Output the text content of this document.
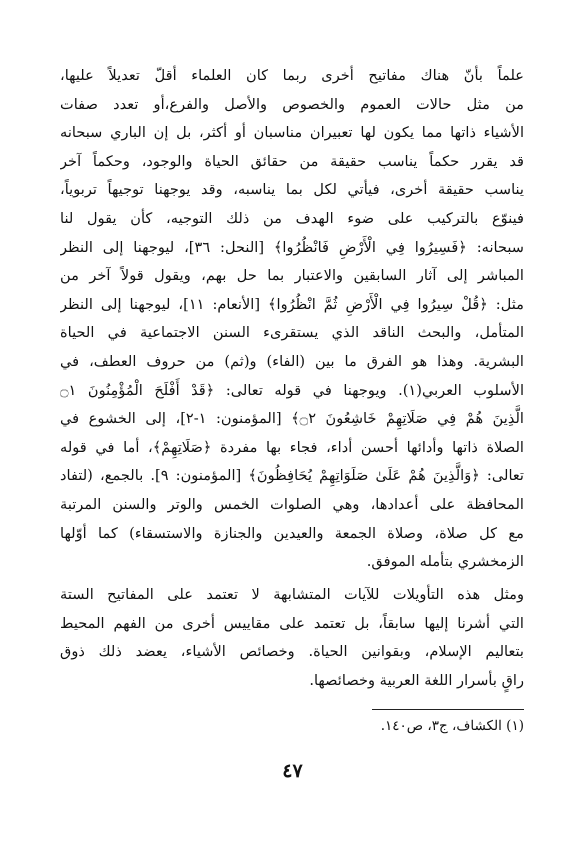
علماً بأنّ هناك مفاتيح أخرى ربما كان العلماء أقلّ تعديلاً عليها،
من مثل حالات العموم والخصوص والأصل والفرع،أو تعدد صفات
الأشياء ذاتها مما يكون لها تعبيران مناسبان أو أكثر، بل إن الباري سبحانه
قد يقرر حكماً يناسب حقيقة من حقائق الحياة والوجود، وحكماً آخر
يناسب حقيقة أخرى، فيأتي لكل بما يناسبه، وقد يوجهنا توجيهاً تربوياً،
فينوّع بالتركيب على ضوء الهدف من ذلك التوجيه، كأن يقول لنا
سبحانه: ﴿فَسِيرُوا فِي الْأَرْضِ فَانْظُرُوا﴾ [النحل: ٣٦]، ليوجهنا إلى النظر
المباشر إلى آثار السابقين والاعتبار بما حل بهم، ويقول قولاً آخر من
مثل: ﴿قُلْ سِيرُوا فِي الْأَرْضِ ثُمَّ انْظُرُوا﴾ [الأنعام: ١١]، ليوجهنا إلى النظر
المتأمل، والبحث الناقد الذي يستقرىء السنن الاجتماعية في الحياة
البشرية. وهذا هو الفرق ما بين (الفاء) و(ثم) من حروف العطف، في
الأسلوب العربي(١). ويوجهنا في قوله تعالى: ﴿قَدْ أَفْلَحَ الْمُؤْمِنُونَ ۝١
الَّذِينَ هُمْ فِي صَلَاتِهِمْ خَاشِعُونَ ۝٢﴾ [المؤمنون: ١-٢]، إلى الخشوع في
الصلاة ذاتها وأدائها أحسن أداء، فجاء بها مفردة ﴿صَلَاتِهِمْ﴾، أما في قوله
تعالى: ﴿وَالَّذِينَ هُمْ عَلَىٰ صَلَوَاتِهِمْ يُحَافِظُونَ﴾ [المؤمنون: ٩]. بالجمع، (لتفاد
المحافظة على أعدادها، وهي الصلوات الخمس والوتر والسنن المرتبة
مع كل صلاة، وصلاة الجمعة والعيدين والجنازة والاستسقاء) كما أوّلها
الزمخشري بتأمله الموفق.
ومثل هذه التأويلات للآيات المتشابهة لا تعتمد على المفاتيح الستة
التي أشرنا إليها سابقاً، بل تعتمد على مقاييس أخرى من الفهم المحيط
بتعاليم الإسلام، وبقوانين الحياة. وخصائص الأشياء، يعضد ذلك ذوق
راقٍ بأسرار اللغة العربية وخصائصها.
(١) الكشاف، ج٣، ص١٤٠.
٤٧
